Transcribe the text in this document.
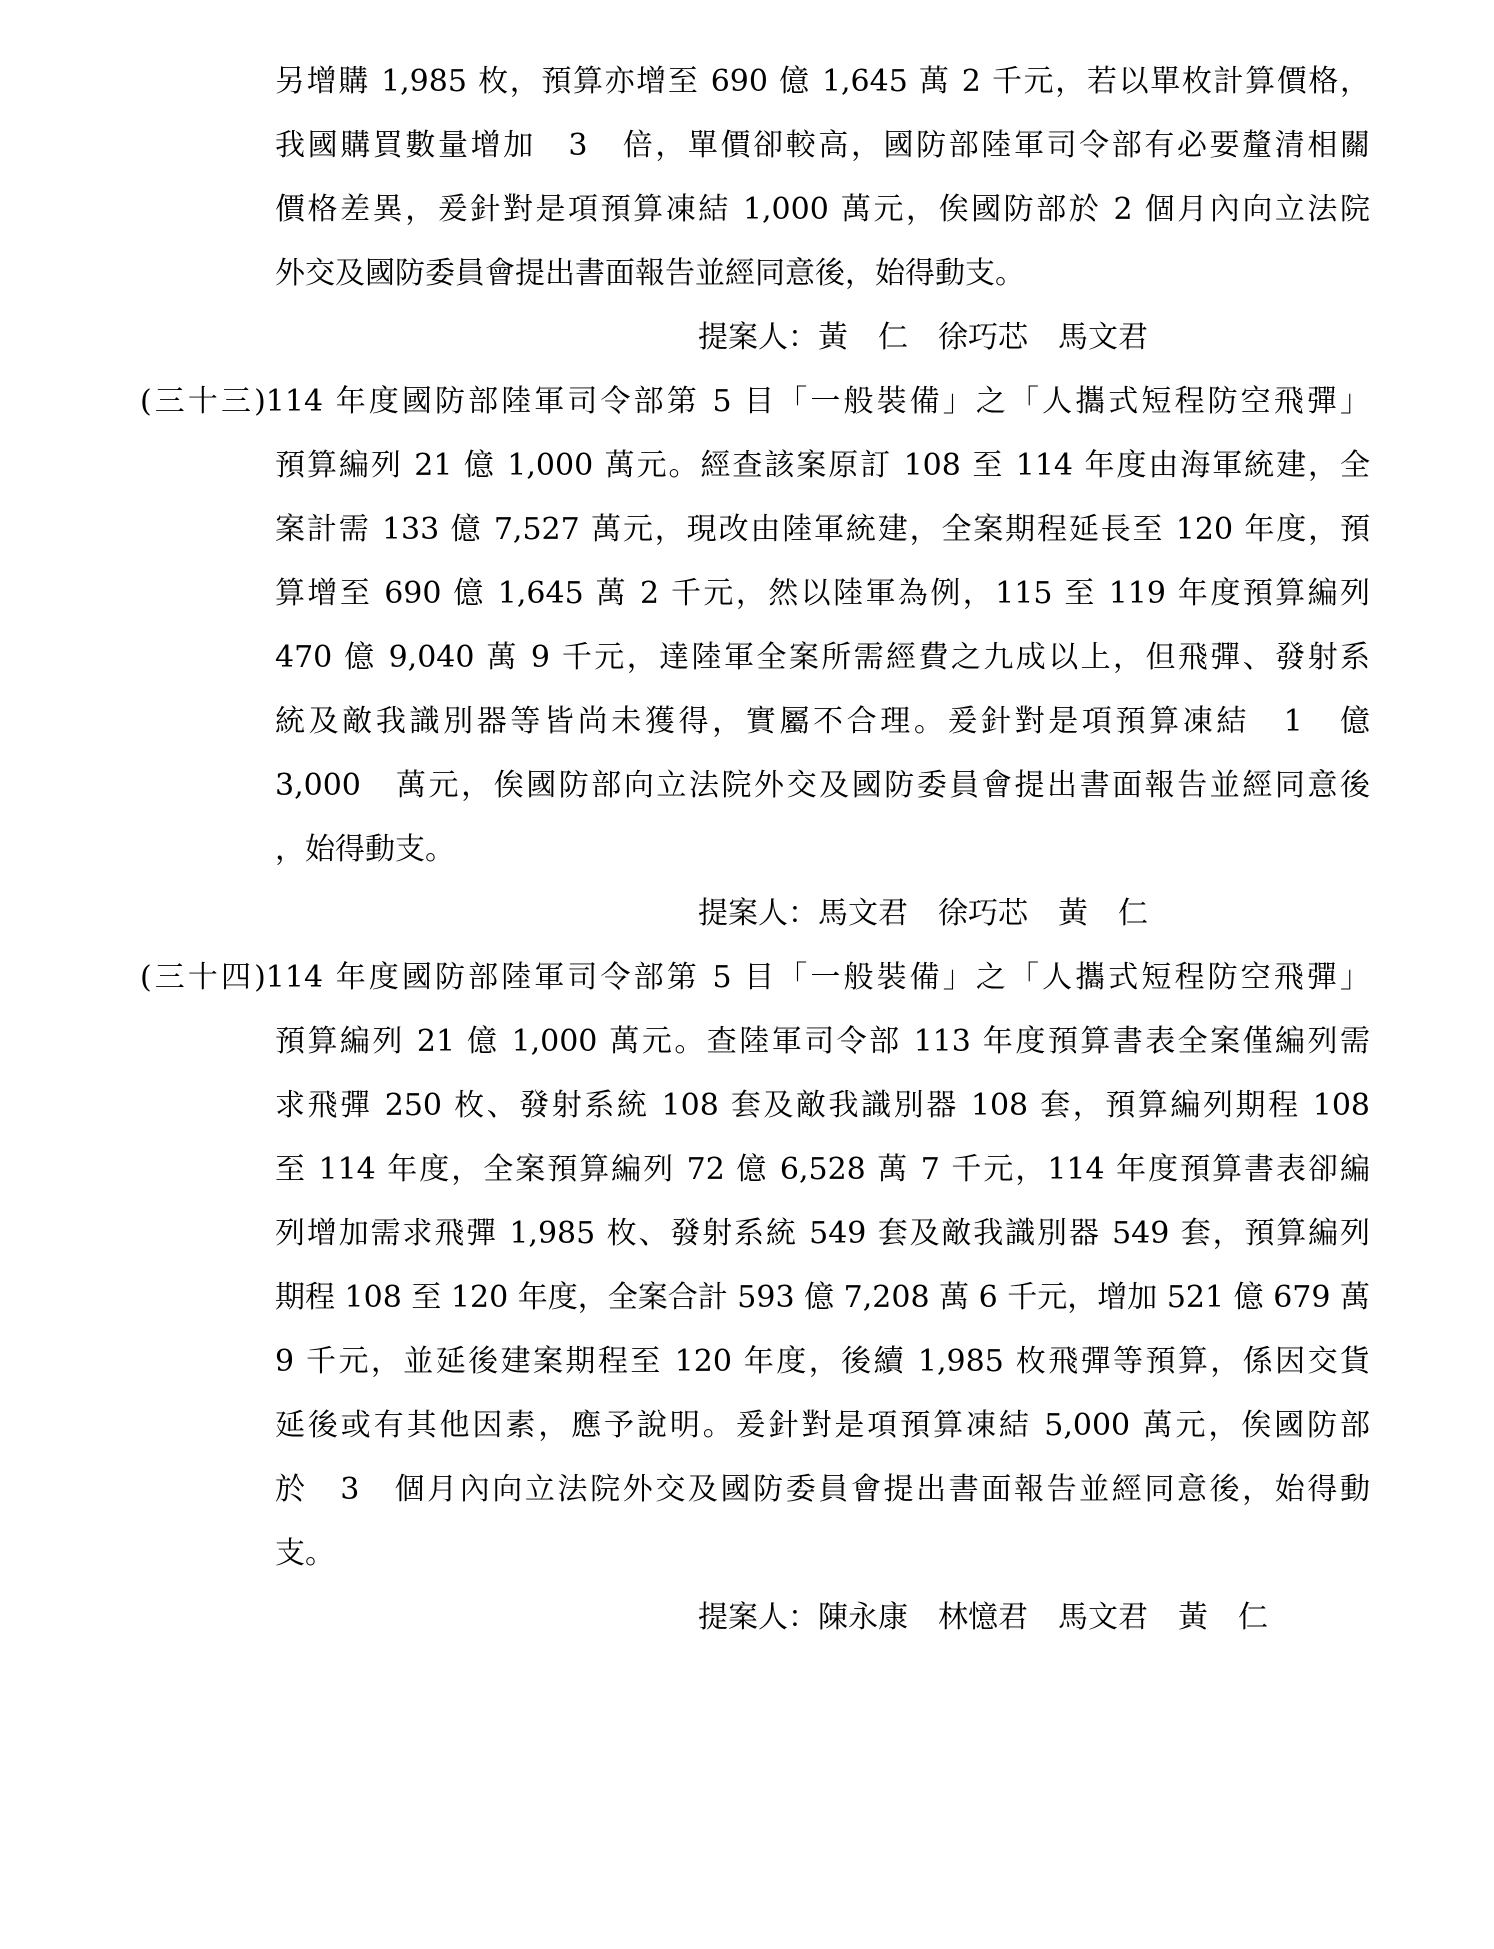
另增購 1,985 枚，預算亦增至 690 億 1,645 萬 2 千元，若以單枚計算價格，
我國購買數量增加　3　倍，單價卻較高，國防部陸軍司令部有必要釐清相關
價格差異，爰針對是項預算凍結 1,000 萬元，俟國防部於 2 個月內向立法院
外交及國防委員會提出書面報告並經同意後，始得動支。
提案人：黃　仁　徐巧芯　馬文君
(三十三)114 年度國防部陸軍司令部第 5 目「一般裝備」之「人攜式短程防空飛彈」
預算編列 21 億 1,000 萬元。經查該案原訂 108 至 114 年度由海軍統建，全
案計需 133 億 7,527 萬元，現改由陸軍統建，全案期程延長至 120 年度，預
算增至 690 億 1,645 萬 2 千元，然以陸軍為例，115 至 119 年度預算編列
470 億 9,040 萬 9 千元，達陸軍全案所需經費之九成以上，但飛彈、發射系
統及敵我識別器等皆尚未獲得，實屬不合理。爰針對是項預算凍結　1　億
3,000　萬元，俟國防部向立法院外交及國防委員會提出書面報告並經同意後
，始得動支。
提案人：馬文君　徐巧芯　黃　仁
(三十四)114 年度國防部陸軍司令部第 5 目「一般裝備」之「人攜式短程防空飛彈」
預算編列 21 億 1,000 萬元。查陸軍司令部 113 年度預算書表全案僅編列需
求飛彈 250 枚、發射系統 108 套及敵我識別器 108 套，預算編列期程 108
至 114 年度，全案預算編列 72 億 6,528 萬 7 千元，114 年度預算書表卻編
列增加需求飛彈 1,985 枚、發射系統 549 套及敵我識別器 549 套，預算編列
期程 108 至 120 年度，全案合計 593 億 7,208 萬 6 千元，增加 521 億 679 萬
9 千元，並延後建案期程至 120 年度，後續 1,985 枚飛彈等預算，係因交貨
延後或有其他因素，應予說明。爰針對是項預算凍結 5,000 萬元，俟國防部
於　3　個月內向立法院外交及國防委員會提出書面報告並經同意後，始得動
支。
提案人：陳永康　林憶君　馬文君　黃　仁
